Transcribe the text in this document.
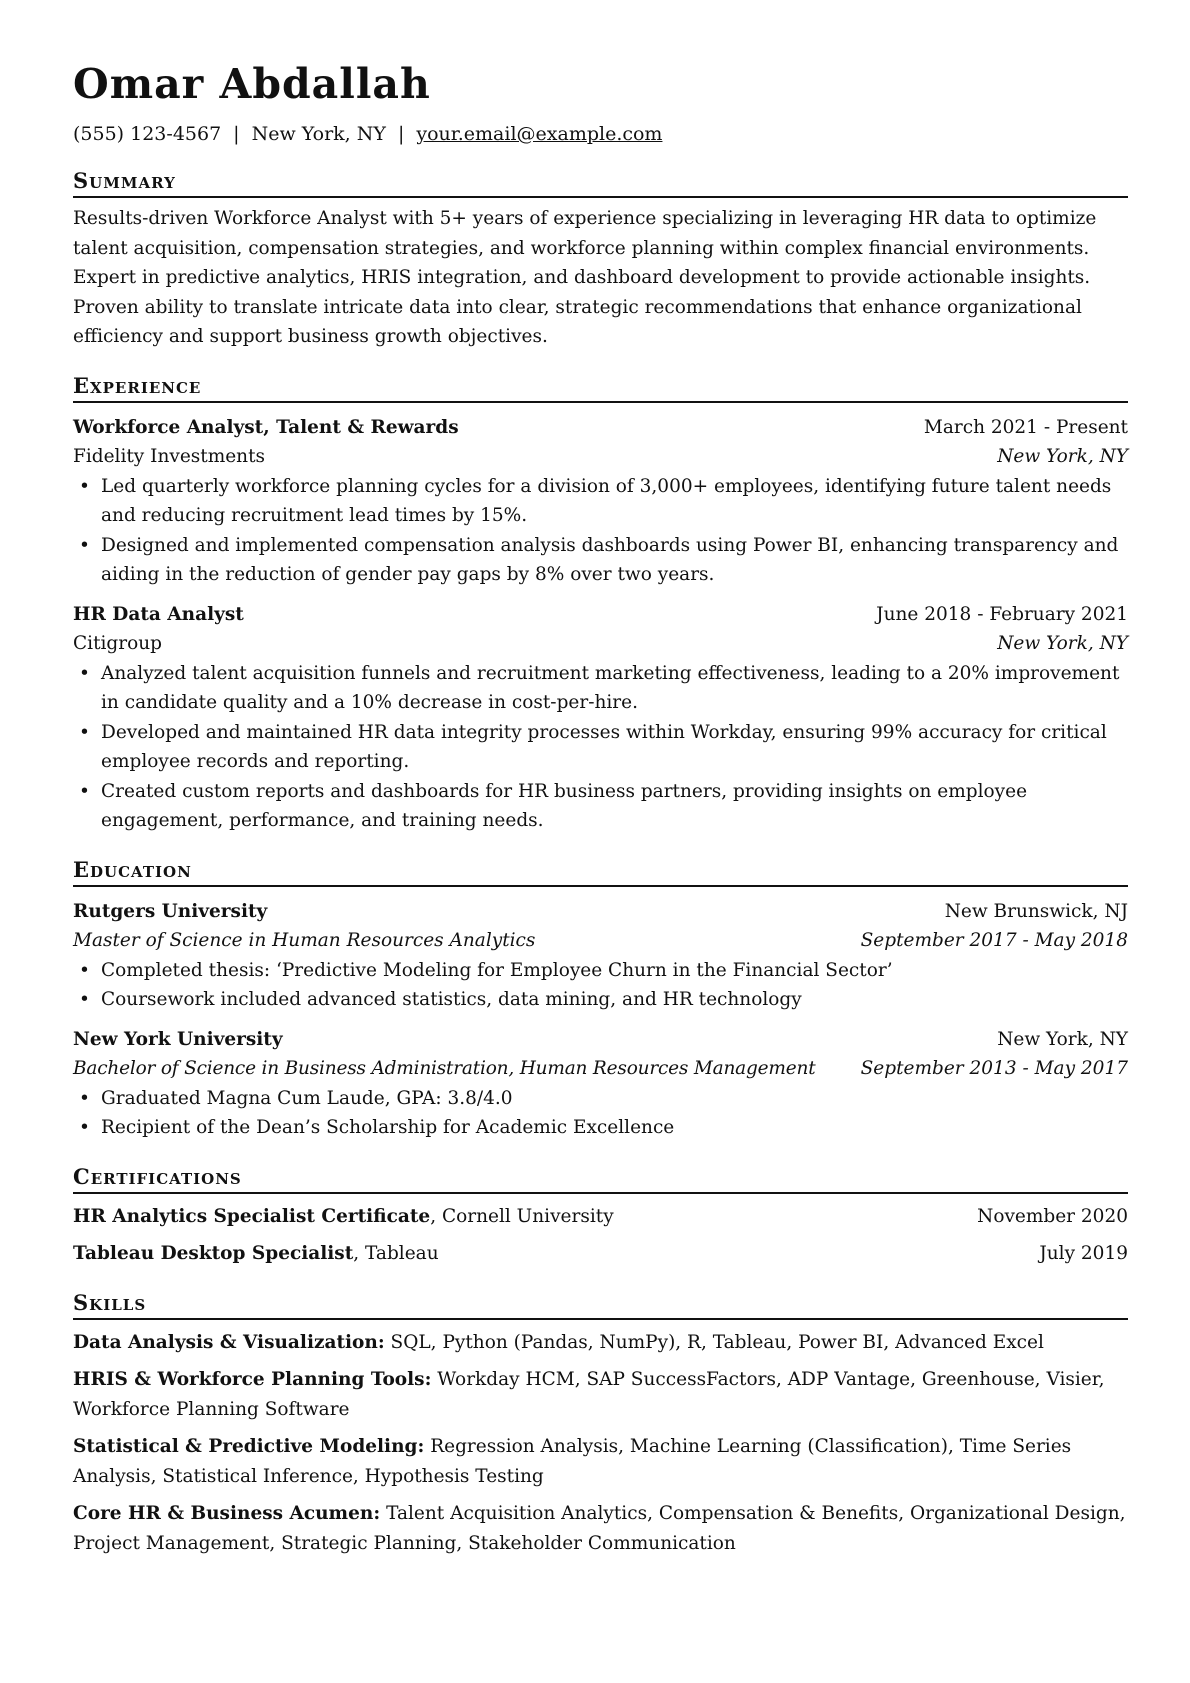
Omar Abdallah
(555) 123-4567 | New York, NY | your.email@example.com
Summary

Results-driven Workforce Analyst with 5+ years of experience specializing in leveraging HR data to optimize talent acquisition, compensation strategies, and workforce planning within complex financial environments. Expert in predictive analytics, HRIS integration, and dashboard development to provide actionable insights. Proven ability to translate intricate data into clear, strategic recommendations that enhance organizational efficiency and support business growth objectives.

Experience
Workforce Analyst, Talent & Rewards	March 2021 - Present
Fidelity Investments	New York, NY
• Led quarterly workforce planning cycles for a division of 3,000+ employees, identifying future talent needs and reducing recruitment lead times by 15%.
• Designed and implemented compensation analysis dashboards using Power BI, enhancing transparency and aiding in the reduction of gender pay gaps by 8% over two years.
HR Data Analyst	June 2018 - February 2021
Citigroup	New York, NY
• Analyzed talent acquisition funnels and recruitment marketing effectiveness, leading to a 20% improvement in candidate quality and a 10% decrease in cost-per-hire.
• Developed and maintained HR data integrity processes within Workday, ensuring 99% accuracy for critical employee records and reporting.
• Created custom reports and dashboards for HR business partners, providing insights on employee engagement, performance, and training needs.
Education
Rutgers University	New Brunswick, NJ
Master of Science in Human Resources Analytics	September 2017 - May 2018
• Completed thesis: ‘Predictive Modeling for Employee Churn in the Financial Sector’
• Coursework included advanced statistics, data mining, and HR technology
New York University	New York, NY
Bachelor of Science in Business Administration, Human Resources Management September 2013 - May 2017
• Graduated Magna Cum Laude, GPA: 3.8/4.0
• Recipient of the Dean’s Scholarship for Academic Excellence
Certifications
HR Analytics Specialist Certificate, Cornell University	November 2020
Tableau Desktop Specialist, Tableau	July 2019
Skills
Data Analysis & Visualization: SQL, Python (Pandas, NumPy), R, Tableau, Power BI, Advanced Excel
HRIS & Workforce Planning Tools: Workday HCM, SAP SuccessFactors, ADP Vantage, Greenhouse, Visier, Workforce Planning Software
Statistical & Predictive Modeling: Regression Analysis, Machine Learning (Classification), Time Series Analysis, Statistical Inference, Hypothesis Testing
Core HR & Business Acumen: Talent Acquisition Analytics, Compensation & Benefits, Organizational Design, Project Management, Strategic Planning, Stakeholder Communication
